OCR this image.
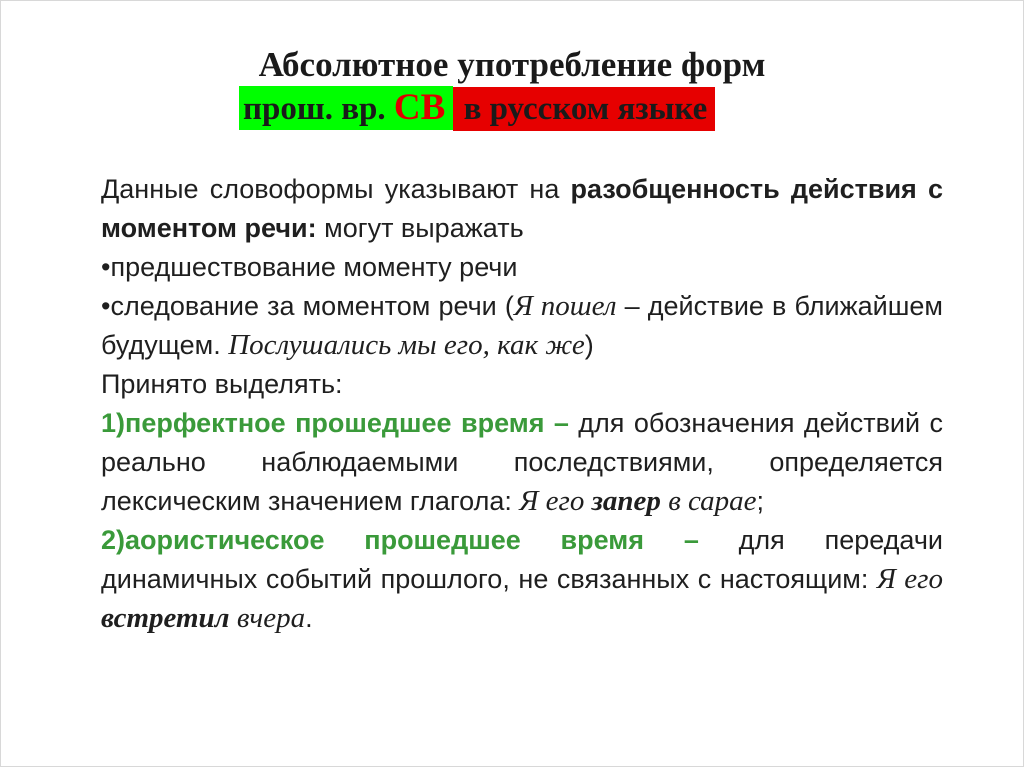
Абсолютное употребление форм
прош. вр. СВ в русском языке

Данные словоформы указывают на разобщенность действия с моментом речи: могут выражать

•предшествование моменту речи

•следование за моментом речи (Я пошел – действие в ближайшем будущем. Послушались мы его, как же)

Принято выделять:

1)перфектное прошедшее время – для обозначения действий с реально наблюдаемыми последствиями, определяется лексическим значением глагола: Я его запер в сарае;

2)аористическое прошедшее время – для передачи динамичных событий прошлого, не связанных с настоящим: Я его встретил вчера.
